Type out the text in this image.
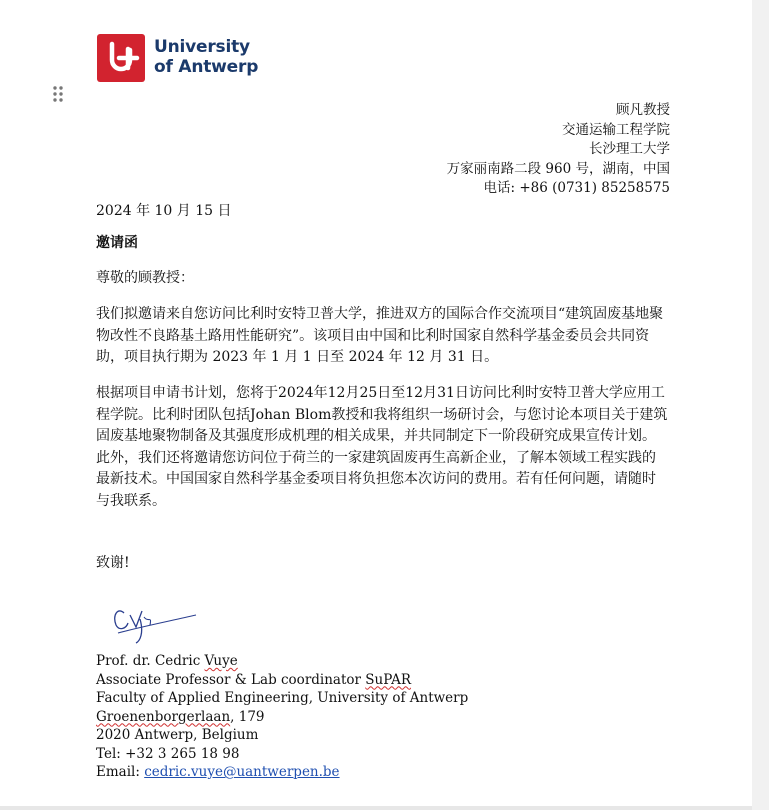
University
of Antwerp
顾凡教授
交通运输工程学院
长沙理工大学
万家丽南路二段 960 号，湖南，中国
电话: +86 (0731) 85258575
2024 年 10 月 15 日
邀请函
尊敬的顾教授：
我们拟邀请来自您访问比利时安特卫普大学，推进双方的国际合作交流项目“建筑固废基地聚物改性不良路基土路用性能研究”。该项目由中国和比利时国家自然科学基金委员会共同资助，项目执行期为 2023 年 1 月 1 日至 2024 年 12 月 31 日。
根据项目申请书计划，您将于2024年12月25日至12月31日访问比利时安特卫普大学应用工程学院。比利时团队包括Johan Blom教授和我将组织一场研讨会，与您讨论本项目关于建筑固废基地聚物制备及其强度形成机理的相关成果，并共同制定下一阶段研究成果宣传计划。此外，我们还将邀请您访问位于荷兰的一家建筑固废再生高新企业，了解本领域工程实践的最新技术。中国国家自然科学基金委项目将负担您本次访问的费用。若有任何问题，请随时与我联系。
致谢!
Prof. dr. Cedric Vuye
Associate Professor & Lab coordinator SuPAR
Faculty of Applied Engineering, University of Antwerp
Groenenborgerlaan, 179
2020 Antwerp, Belgium
Tel: +32 3 265 18 98
Email: cedric.vuye@uantwerpen.be
